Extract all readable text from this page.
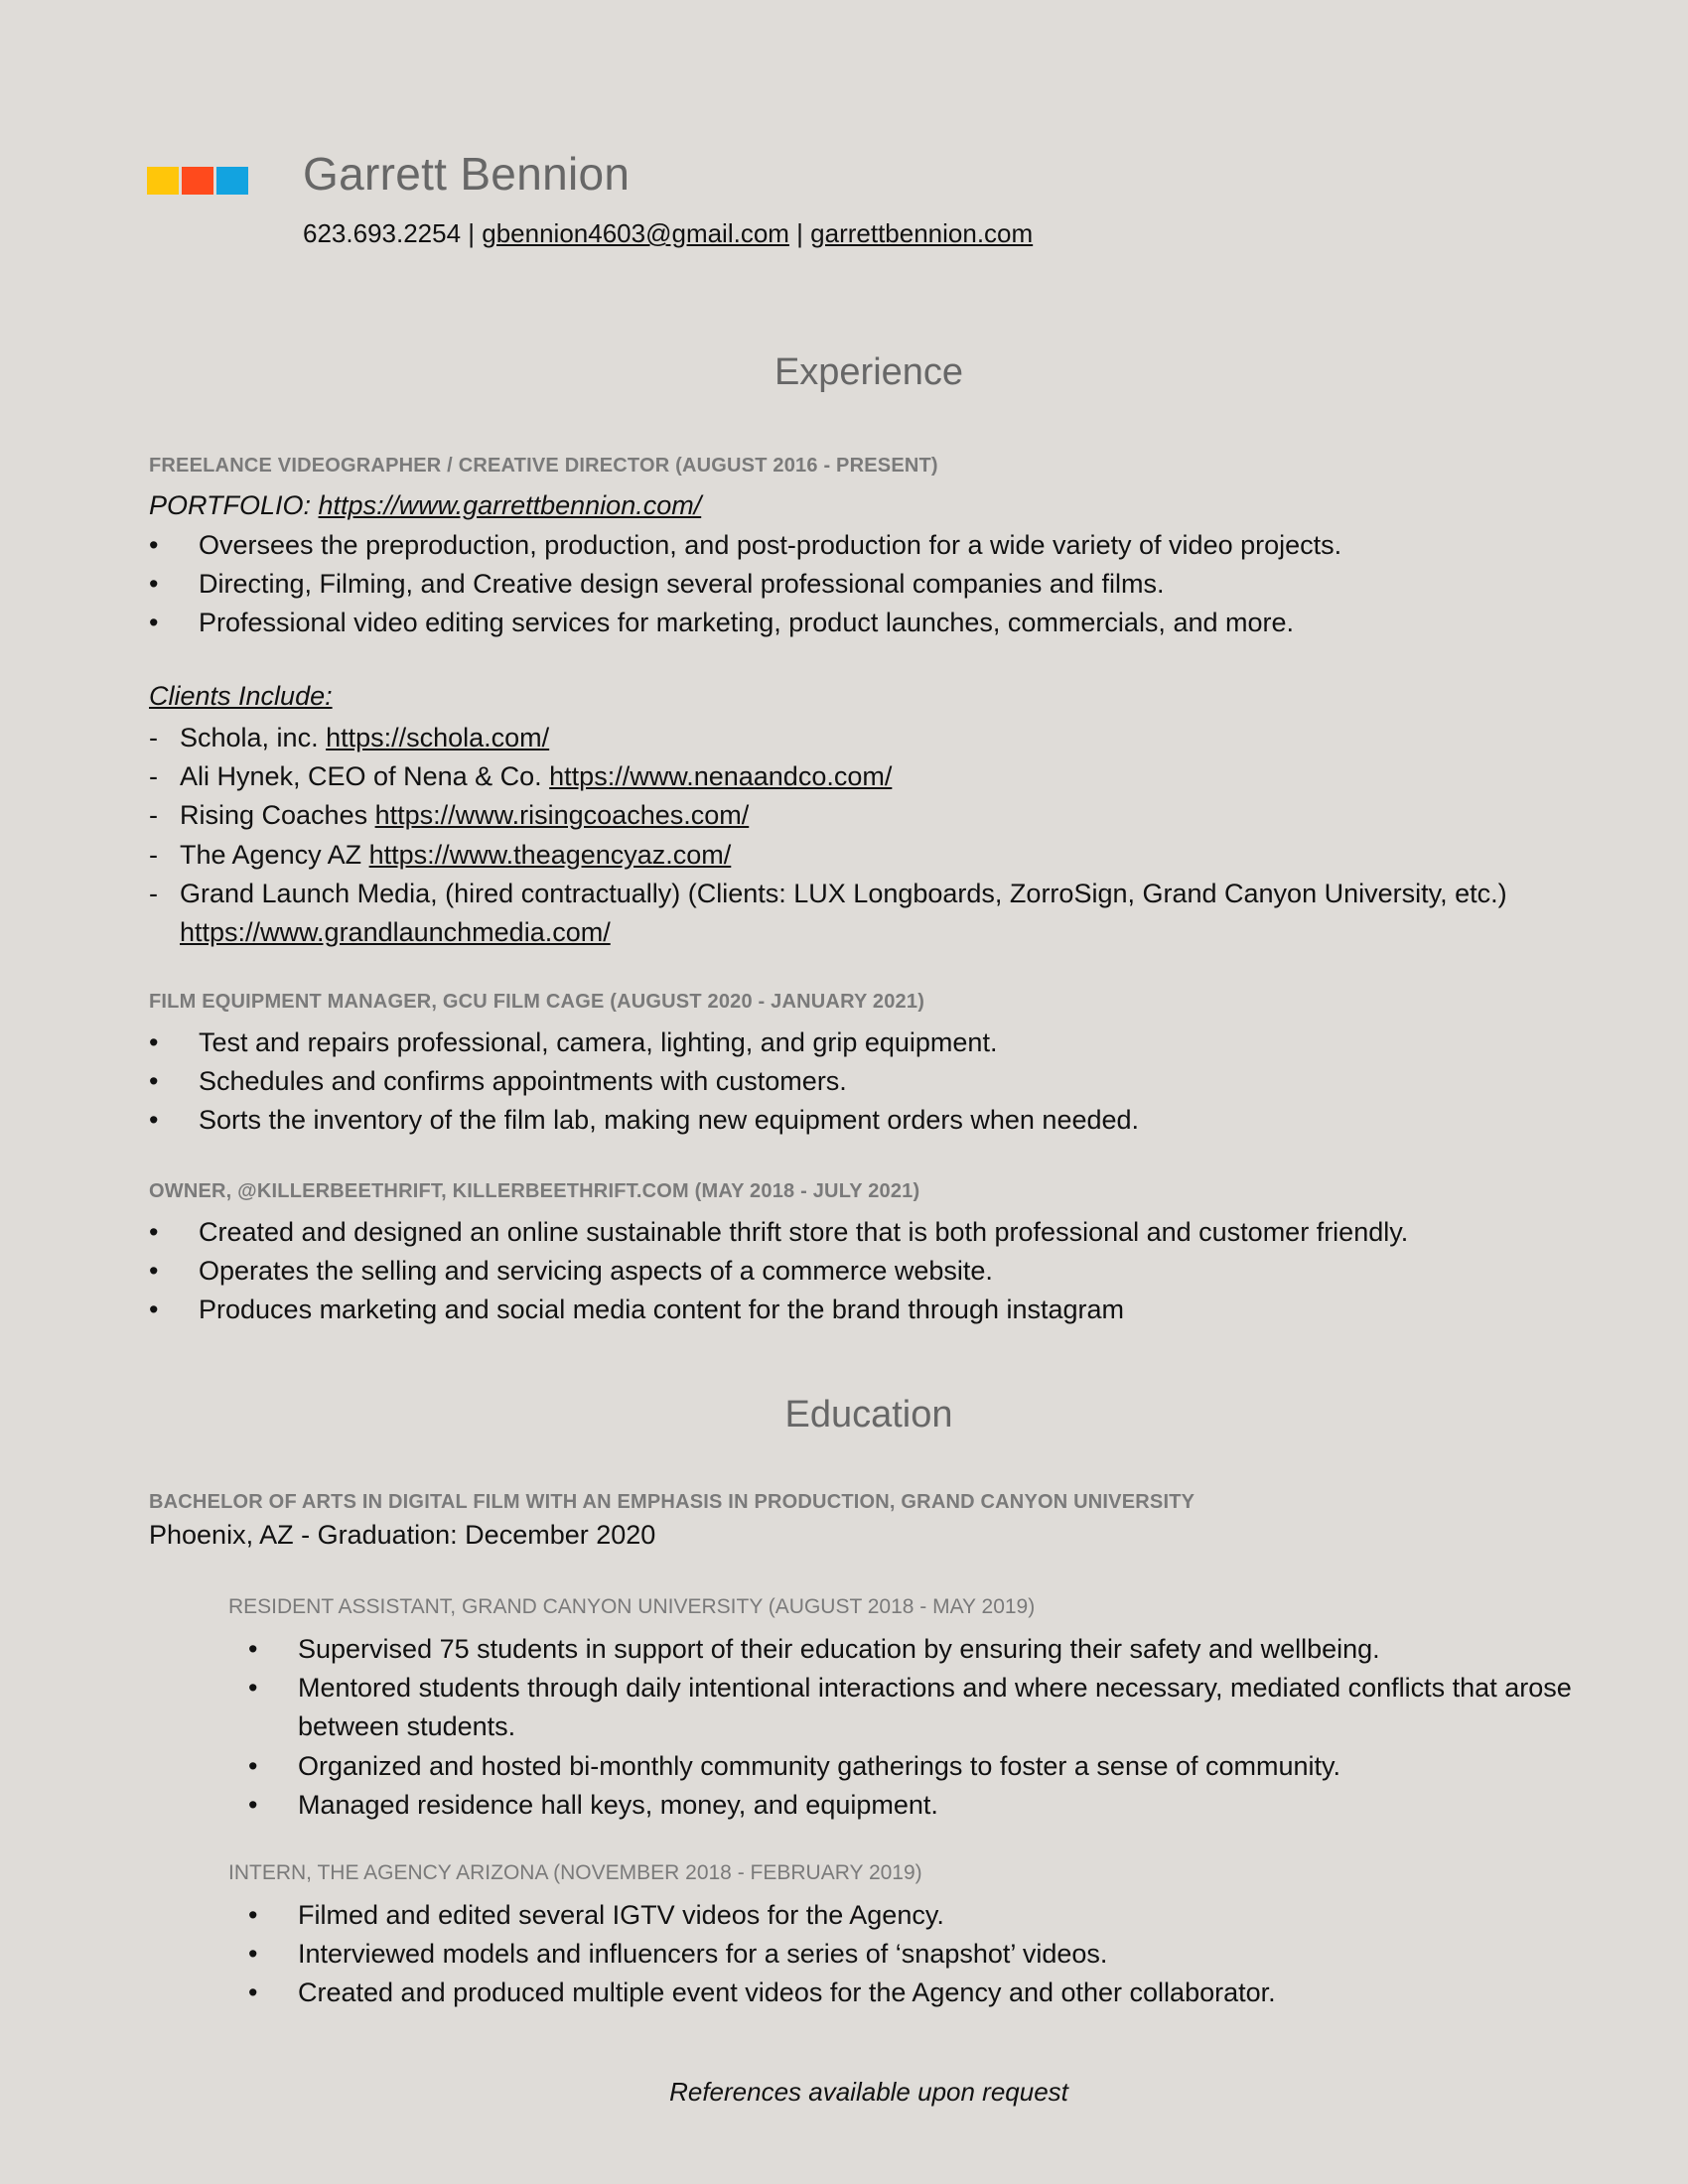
Garrett Bennion
623.693.2254 | gbennion4603@gmail.com | garrettbennion.com
Experience
FREELANCE VIDEOGRAPHER / CREATIVE DIRECTOR (AUGUST 2016 - PRESENT)
PORTFOLIO: https://www.garrettbennion.com/
• Oversees the preproduction, production, and post-production for a wide variety of video projects.
• Directing, Filming, and Creative design several professional companies and films.
• Professional video editing services for marketing, product launches, commercials, and more.
Clients Include:
- Schola, inc. https://schola.com/
- Ali Hynek, CEO of Nena & Co. https://www.nenaandco.com/
- Rising Coaches https://www.risingcoaches.com/
- The Agency AZ https://www.theagencyaz.com/
- Grand Launch Media, (hired contractually) (Clients: LUX Longboards, ZorroSign, Grand Canyon University, etc.)
https://www.grandlaunchmedia.com/
FILM EQUIPMENT MANAGER, GCU FILM CAGE (AUGUST 2020 - JANUARY 2021)
• Test and repairs professional, camera, lighting, and grip equipment.
• Schedules and confirms appointments with customers.
• Sorts the inventory of the film lab, making new equipment orders when needed.
OWNER, @KILLERBEETHRIFT, KILLERBEETHRIFT.COM (MAY 2018 - JULY 2021)
• Created and designed an online sustainable thrift store that is both professional and customer friendly.
• Operates the selling and servicing aspects of a commerce website.
• Produces marketing and social media content for the brand through instagram
Education
BACHELOR OF ARTS IN DIGITAL FILM WITH AN EMPHASIS IN PRODUCTION, GRAND CANYON UNIVERSITY
Phoenix, AZ - Graduation: December 2020
RESIDENT ASSISTANT, GRAND CANYON UNIVERSITY (AUGUST 2018 - MAY 2019)
• Supervised 75 students in support of their education by ensuring their safety and wellbeing.
• Mentored students through daily intentional interactions and where necessary, mediated conflicts that arose between students.
• Organized and hosted bi-monthly community gatherings to foster a sense of community.
• Managed residence hall keys, money, and equipment.
INTERN, THE AGENCY ARIZONA (NOVEMBER 2018 - FEBRUARY 2019)
• Filmed and edited several IGTV videos for the Agency.
• Interviewed models and influencers for a series of ‘snapshot’ videos.
• Created and produced multiple event videos for the Agency and other collaborator.
References available upon request
